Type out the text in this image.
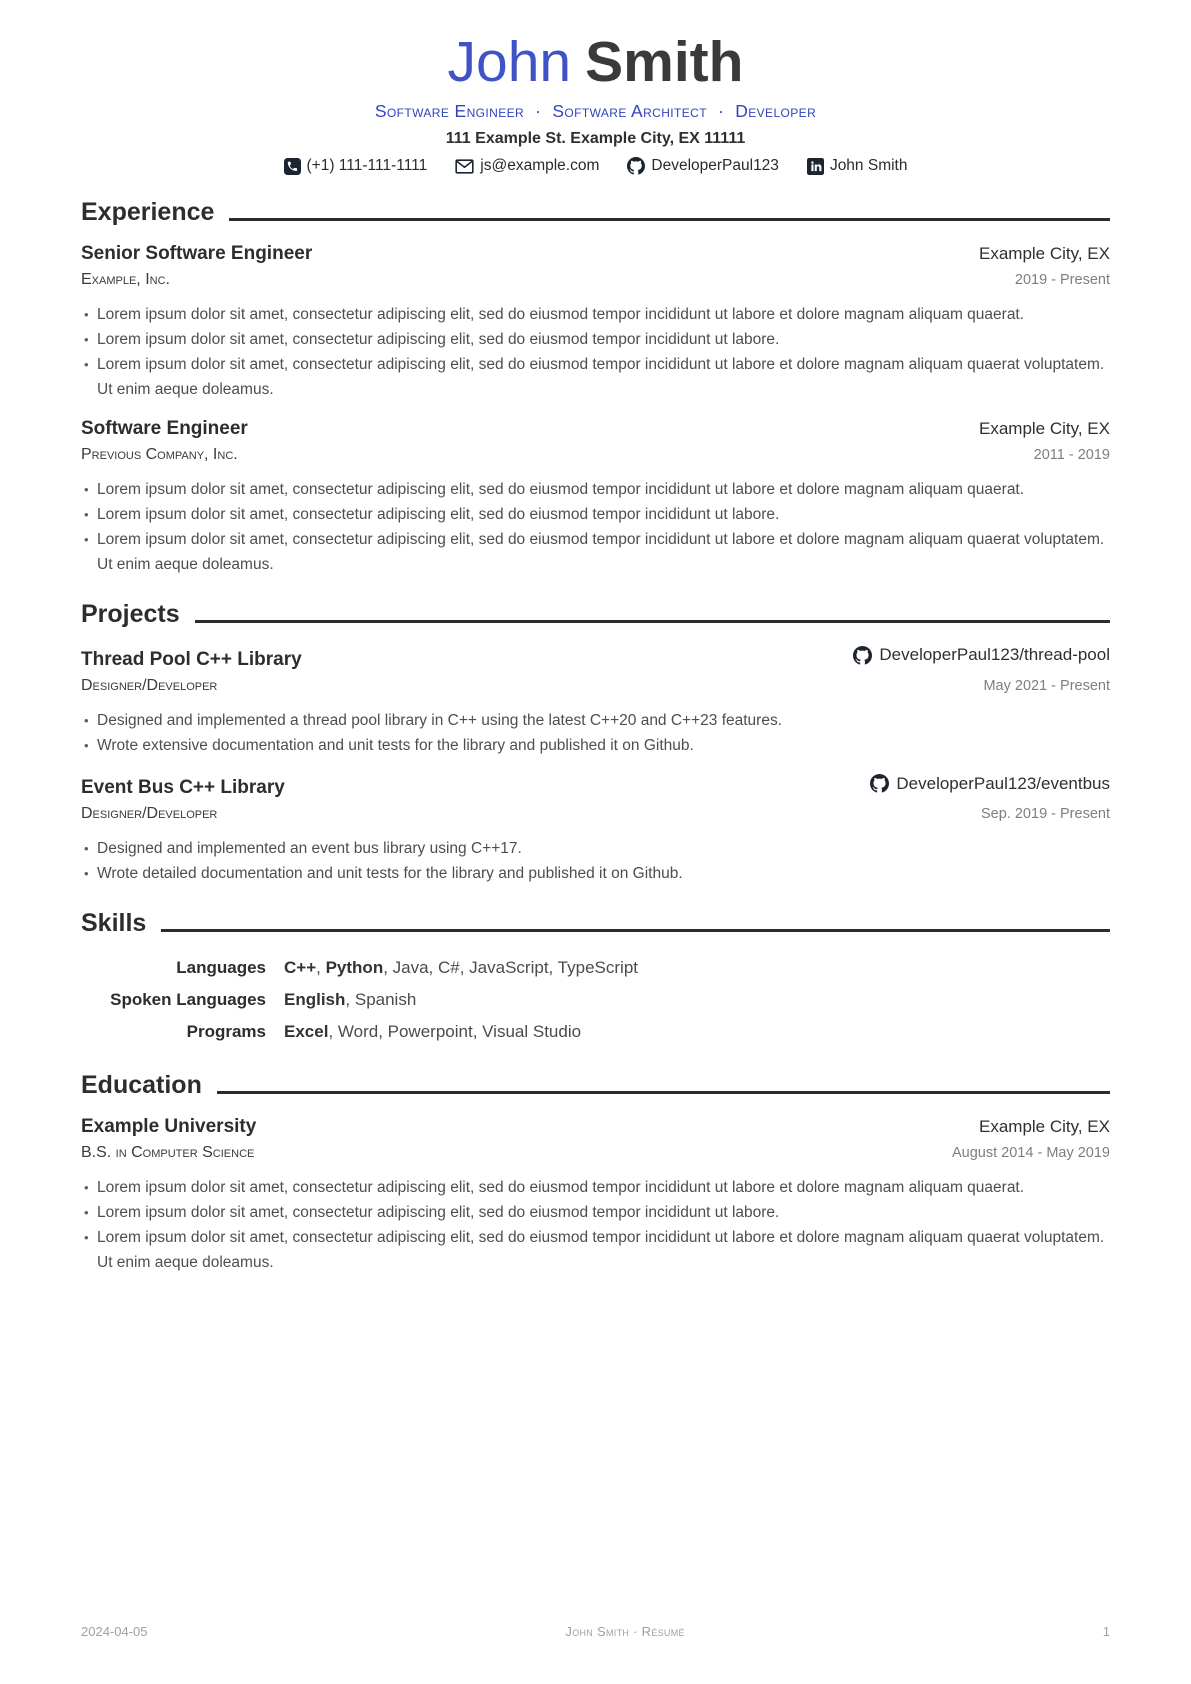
John Smith
Software Engineer · Software Architect · Developer
111 Example St. Example City, EX 11111
(+1) 111-111-1111	js@example.com	DeveloperPaul123	John Smith
Experience
Senior Software Engineer	Example City, EX
Example, Inc.	2019 - Present
• Lorem ipsum dolor sit amet, consectetur adipiscing elit, sed do eiusmod tempor incididunt ut labore et dolore magnam aliquam quaerat.
• Lorem ipsum dolor sit amet, consectetur adipiscing elit, sed do eiusmod tempor incididunt ut labore.
• Lorem ipsum dolor sit amet, consectetur adipiscing elit, sed do eiusmod tempor incididunt ut labore et dolore magnam aliquam quaerat voluptatem. Ut enim aeque doleamus.
Software Engineer	Example City, EX
Previous Company, Inc.	2011 - 2019
• Lorem ipsum dolor sit amet, consectetur adipiscing elit, sed do eiusmod tempor incididunt ut labore et dolore magnam aliquam quaerat.
• Lorem ipsum dolor sit amet, consectetur adipiscing elit, sed do eiusmod tempor incididunt ut labore.
• Lorem ipsum dolor sit amet, consectetur adipiscing elit, sed do eiusmod tempor incididunt ut labore et dolore magnam aliquam quaerat voluptatem. Ut enim aeque doleamus.
Projects
Thread Pool C++ Library	DeveloperPaul123/thread-pool
Designer/Developer	May 2021 - Present
• Designed and implemented a thread pool library in C++ using the latest C++20 and C++23 features.
• Wrote extensive documentation and unit tests for the library and published it on Github.
Event Bus C++ Library	DeveloperPaul123/eventbus
Designer/Developer	Sep. 2019 - Present
• Designed and implemented an event bus library using C++17.
• Wrote detailed documentation and unit tests for the library and published it on Github.
Skills
Languages C++, Python, Java, C#, JavaScript, TypeScript
Spoken Languages English, Spanish
Programs Excel, Word, Powerpoint, Visual Studio
Education
Example University	Example City, EX
B.S. in Computer Science	August 2014 - May 2019
• Lorem ipsum dolor sit amet, consectetur adipiscing elit, sed do eiusmod tempor incididunt ut labore et dolore magnam aliquam quaerat.
• Lorem ipsum dolor sit amet, consectetur adipiscing elit, sed do eiusmod tempor incididunt ut labore.
• Lorem ipsum dolor sit amet, consectetur adipiscing elit, sed do eiusmod tempor incididunt ut labore et dolore magnam aliquam quaerat voluptatem. Ut enim aeque doleamus.
2024-04-05	John Smith · Résumé	1
